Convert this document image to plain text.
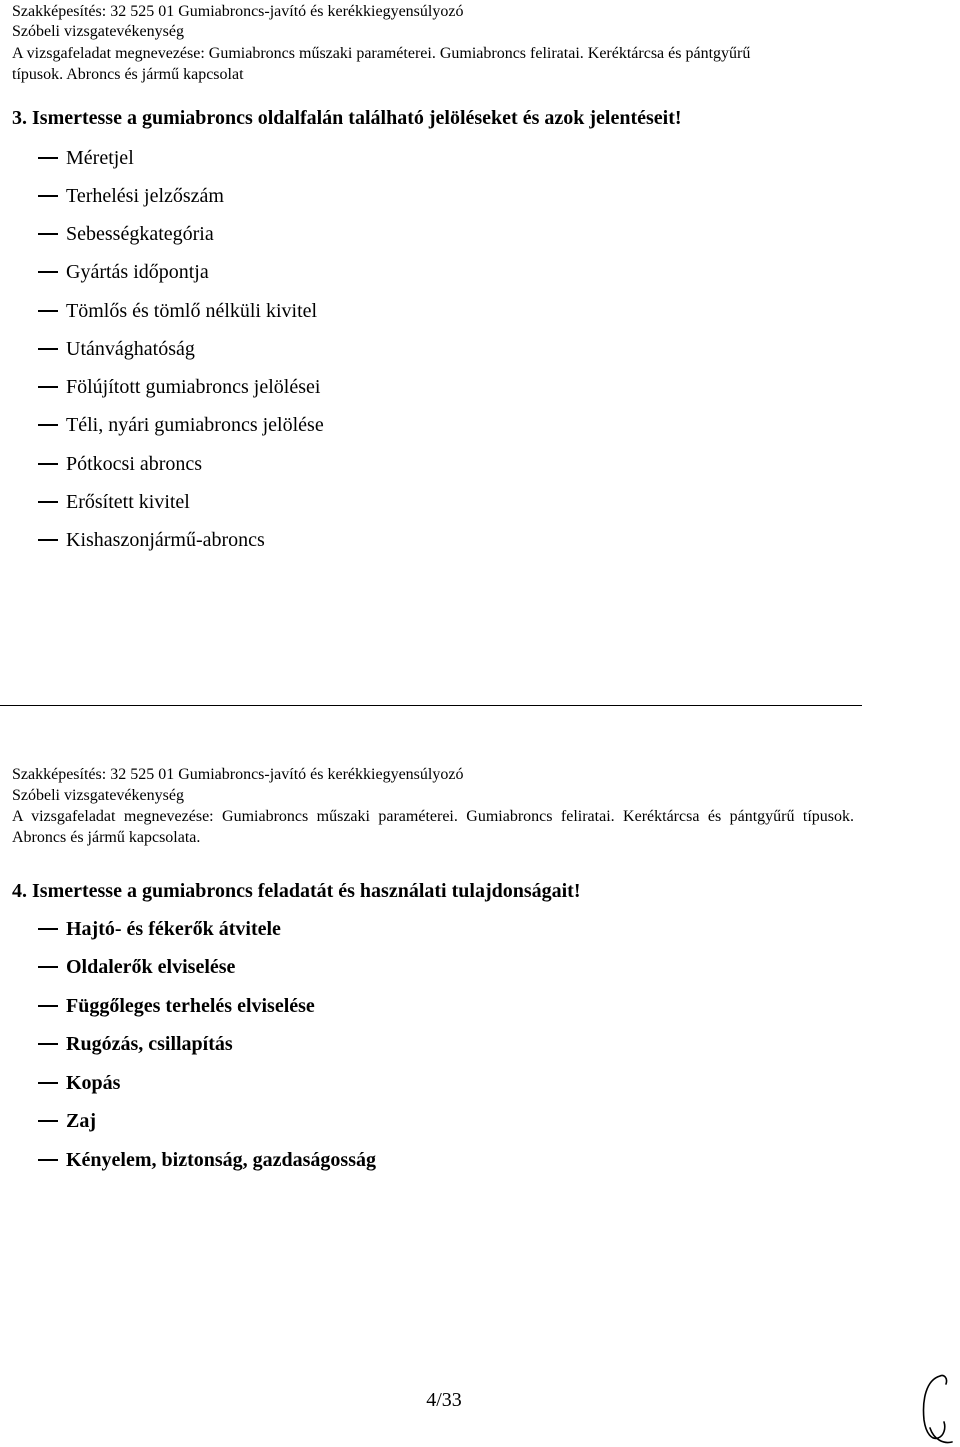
Szakképesítés: 32 525 01 Gumiabroncs-javító és kerékkiegyensúlyozó
Szóbeli vizsgatevékenység
A vizsgafeladat megnevezése: Gumiabroncs műszaki paraméterei. Gumiabroncs feliratai. Keréktárcsa és pántgyűrű
típusok. Abroncs és jármű kapcsolat
3. Ismertesse a gumiabroncs oldalfalán található jelöléseket és azok jelentéseit!
Méretjel
Terhelési jelzőszám
Sebességkategória
Gyártás időpontja
Tömlős és tömlő nélküli kivitel
Utánvághatóság
Fölújított gumiabroncs jelölései
Téli, nyári gumiabroncs jelölése
Pótkocsi abroncs
Erősített kivitel
Kishaszonjármű-abroncs
Szakképesítés: 32 525 01 Gumiabroncs-javító és kerékkiegyensúlyozó
Szóbeli vizsgatevékenység
A vizsgafeladat megnevezése: Gumiabroncs műszaki paraméterei. Gumiabroncs feliratai. Keréktárcsa és pántgyűrű típusok. Abroncs és jármű kapcsolata.
4. Ismertesse a gumiabroncs feladatát és használati tulajdonságait!
Hajtó- és fékerők átvitele
Oldalerők elviselése
Függőleges terhelés elviselése
Rugózás, csillapítás
Kopás
Zaj
Kényelem, biztonság, gazdaságosság
4/33
